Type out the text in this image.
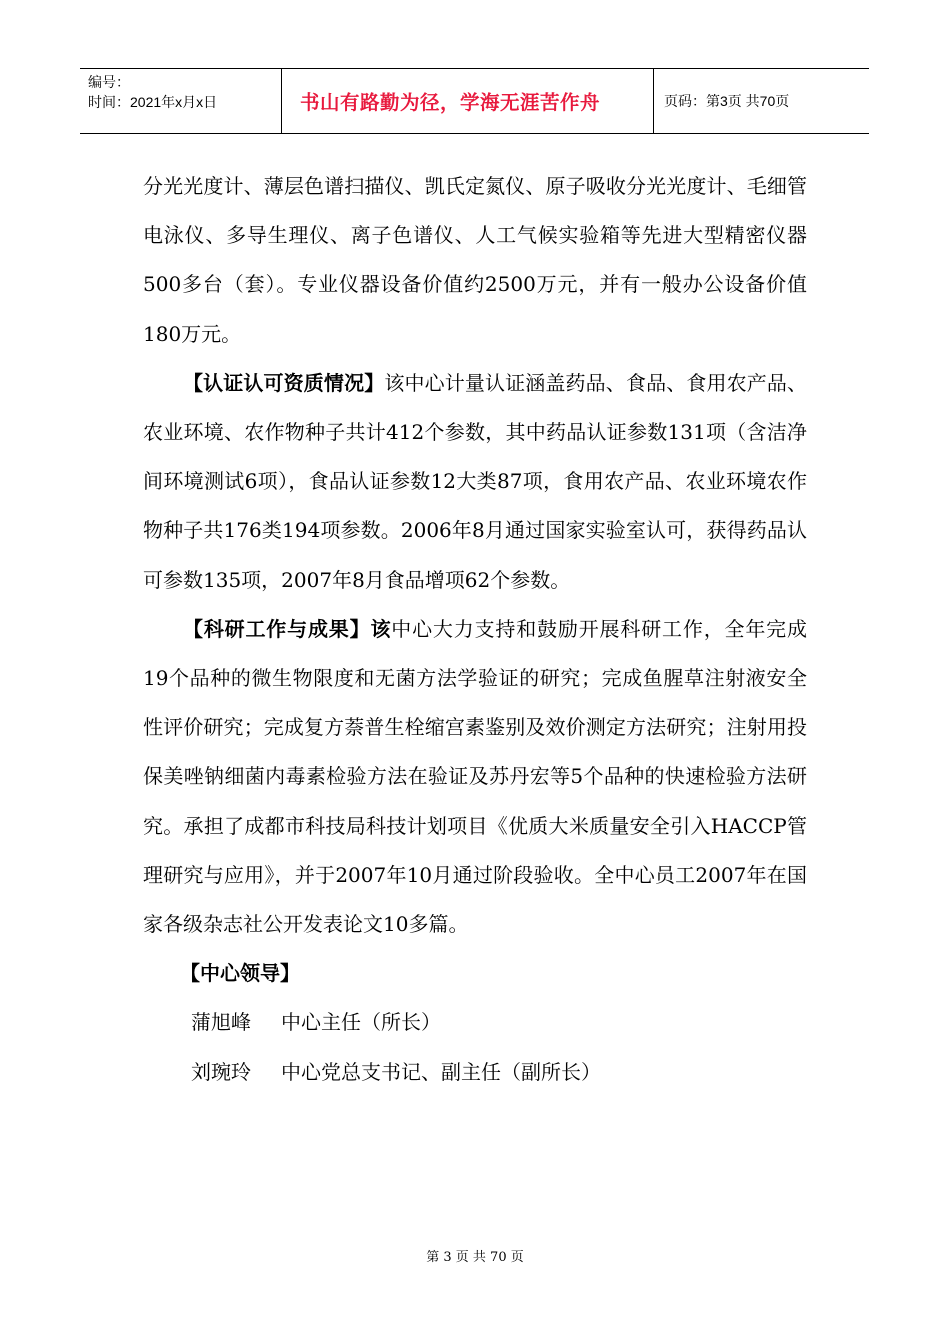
编号：
时间：2021年x月x日	书山有路勤为径，学海无涯苦作舟	页码：第3页 共70页

分光光度计、薄层色谱扫描仪、凯氏定氮仪、原子吸收分光光度计、毛细管电泳仪、多导生理仪、离子色谱仪、人工气候实验箱等先进大型精密仪器500多台（套）。专业仪器设备价值约2500万元，并有一般办公设备价值180万元。

【认证认可资质情况】该中心计量认证涵盖药品、食品、食用农产品、农业环境、农作物种子共计412个参数，其中药品认证参数131项（含洁净间环境测试6项），食品认证参数12大类87项，食用农产品、农业环境农作物种子共176类194项参数。2006年8月通过国家实验室认可，获得药品认可参数135项，2007年8月食品增项62个参数。

【科研工作与成果】该中心大力支持和鼓励开展科研工作，全年完成19个品种的微生物限度和无菌方法学验证的研究；完成鱼腥草注射液安全性评价研究；完成复方萘普生栓缩宫素鉴别及效价测定方法研究；注射用投保美唑钠细菌内毒素检验方法在验证及苏丹宏等5个品种的快速检验方法研究。承担了成都市科技局科技计划项目《优质大米质量安全引入HACCP管理研究与应用》，并于2007年10月通过阶段验收。全中心员工2007年在国家各级杂志社公开发表论文10多篇。

【中心领导】

蒲旭峰	中心主任（所长）

刘琬玲	中心党总支书记、副主任（副所长）

第 3 页 共 70 页
